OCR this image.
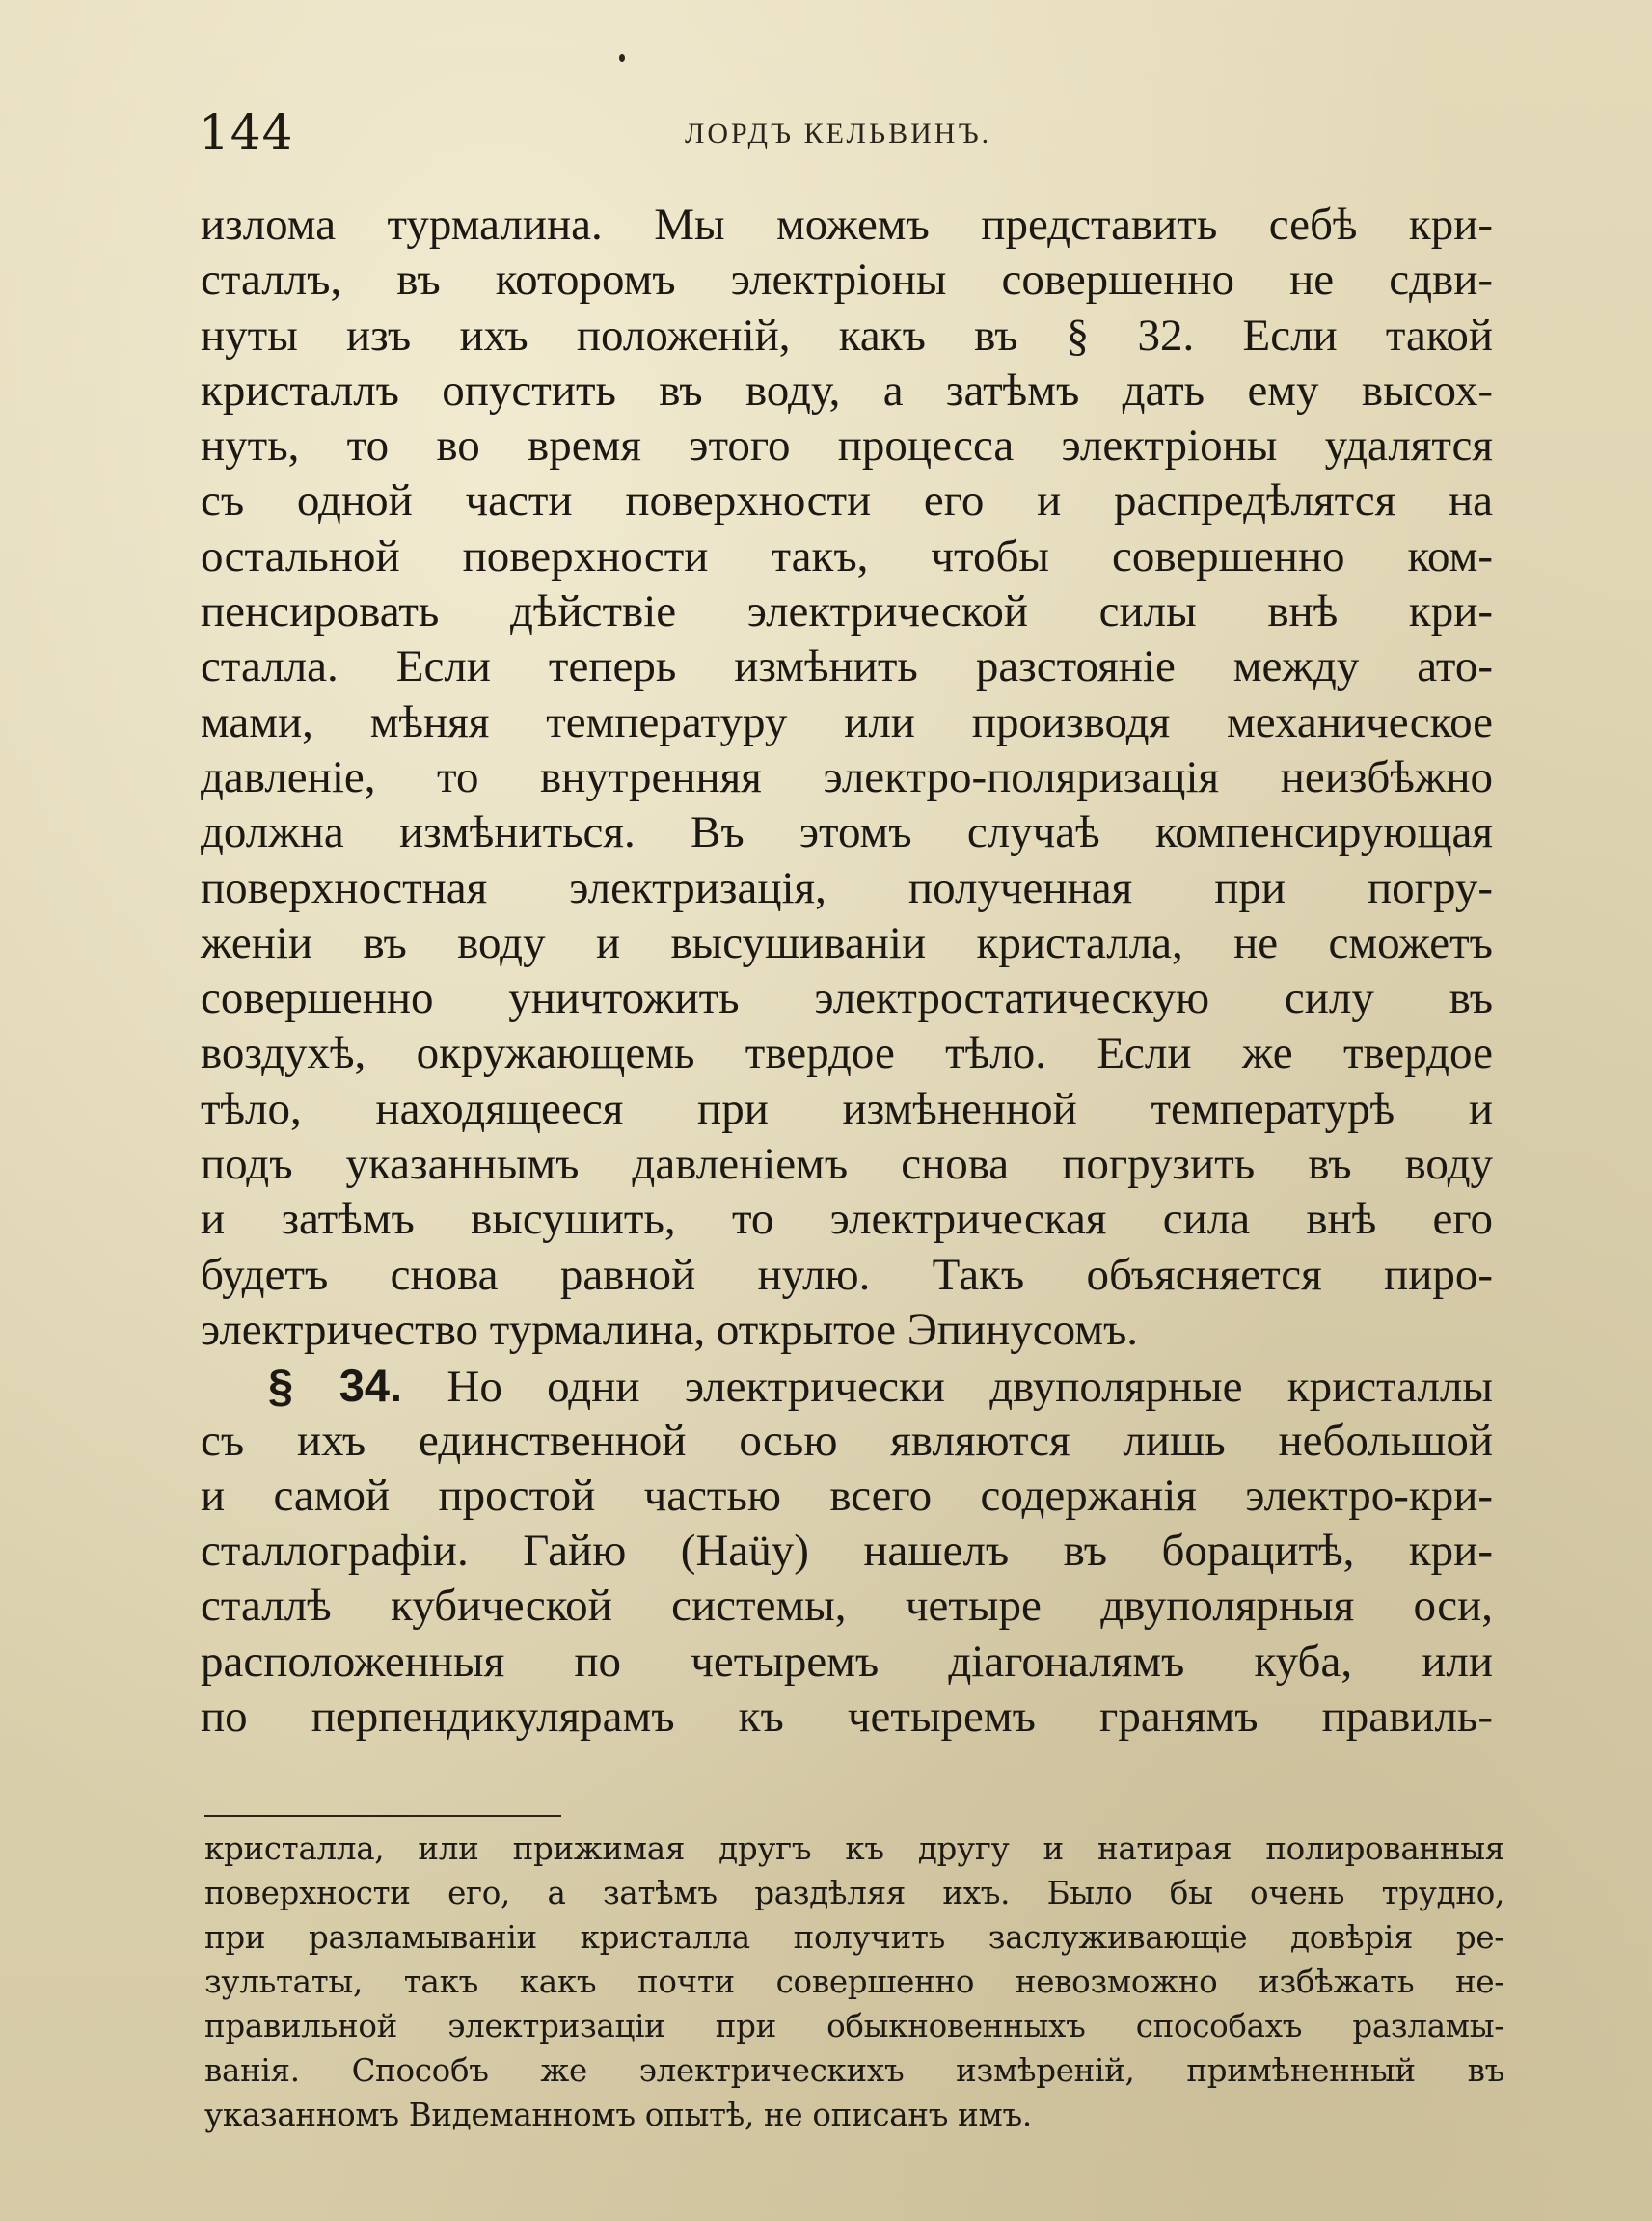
144	ЛОРДЪ КЕЛЬВИНЪ.
излома турмалина. Мы можемъ представить себѣ кри-
сталлъ, въ которомъ электріоны совершенно не сдви-
нуты изъ ихъ положеній, какъ въ § 32. Если такой
кристаллъ опустить въ воду, а затѣмъ дать ему высох-
нуть, то во время этого процесса электріоны удалятся
съ одной части поверхности его и распредѣлятся на
остальной поверхности такъ, чтобы совершенно ком-
пенсировать дѣйствіе электрической силы внѣ кри-
сталла. Если теперь измѣнить разстояніе между ато-
мами, мѣняя температуру или производя механическое
давленіе, то внутренняя электро-поляризація неизбѣжно
должна измѣниться. Въ этомъ случаѣ компенсирующая
поверхностная электризація, полученная при погру-
женіи въ воду и высушиваніи кристалла, не сможетъ
совершенно уничтожить электростатическую силу въ
воздухѣ, окружающемь твердое тѣло. Если же твердое
тѣло, находящееся при измѣненной температурѣ и
подъ указаннымъ давленіемъ снова погрузить въ воду
и затѣмъ высушить, то электрическая сила внѣ его
будетъ снова равной нулю. Такъ объясняется пиро-
электричество турмалина, открытое Эпинусомъ.
§ 34. Но одни электрически двуполярные кристаллы
съ ихъ единственной осью являются лишь небольшой
и самой простой частью всего содержанія электро-кри-
сталлографіи. Гайю (Haüy) нашелъ въ борацитѣ, кри-
сталлѣ кубической системы, четыре двуполярныя оси,
расположенныя по четыремъ діагоналямъ куба, или
по перпендикулярамъ къ четыремъ гранямъ правиль-
кристалла, или прижимая другъ къ другу и натирая полированныя
поверхности его, а затѣмъ раздѣляя ихъ. Было бы очень трудно,
при разламываніи кристалла получить заслуживающіе довѣрія ре-
зультаты, такъ какъ почти совершенно невозможно избѣжать не-
правильной электризаціи при обыкновенныхъ способахъ разламы-
ванія. Способъ же электрическихъ измѣреній, примѣненный въ
указанномъ Видеманномъ опытѣ, не описанъ имъ.
